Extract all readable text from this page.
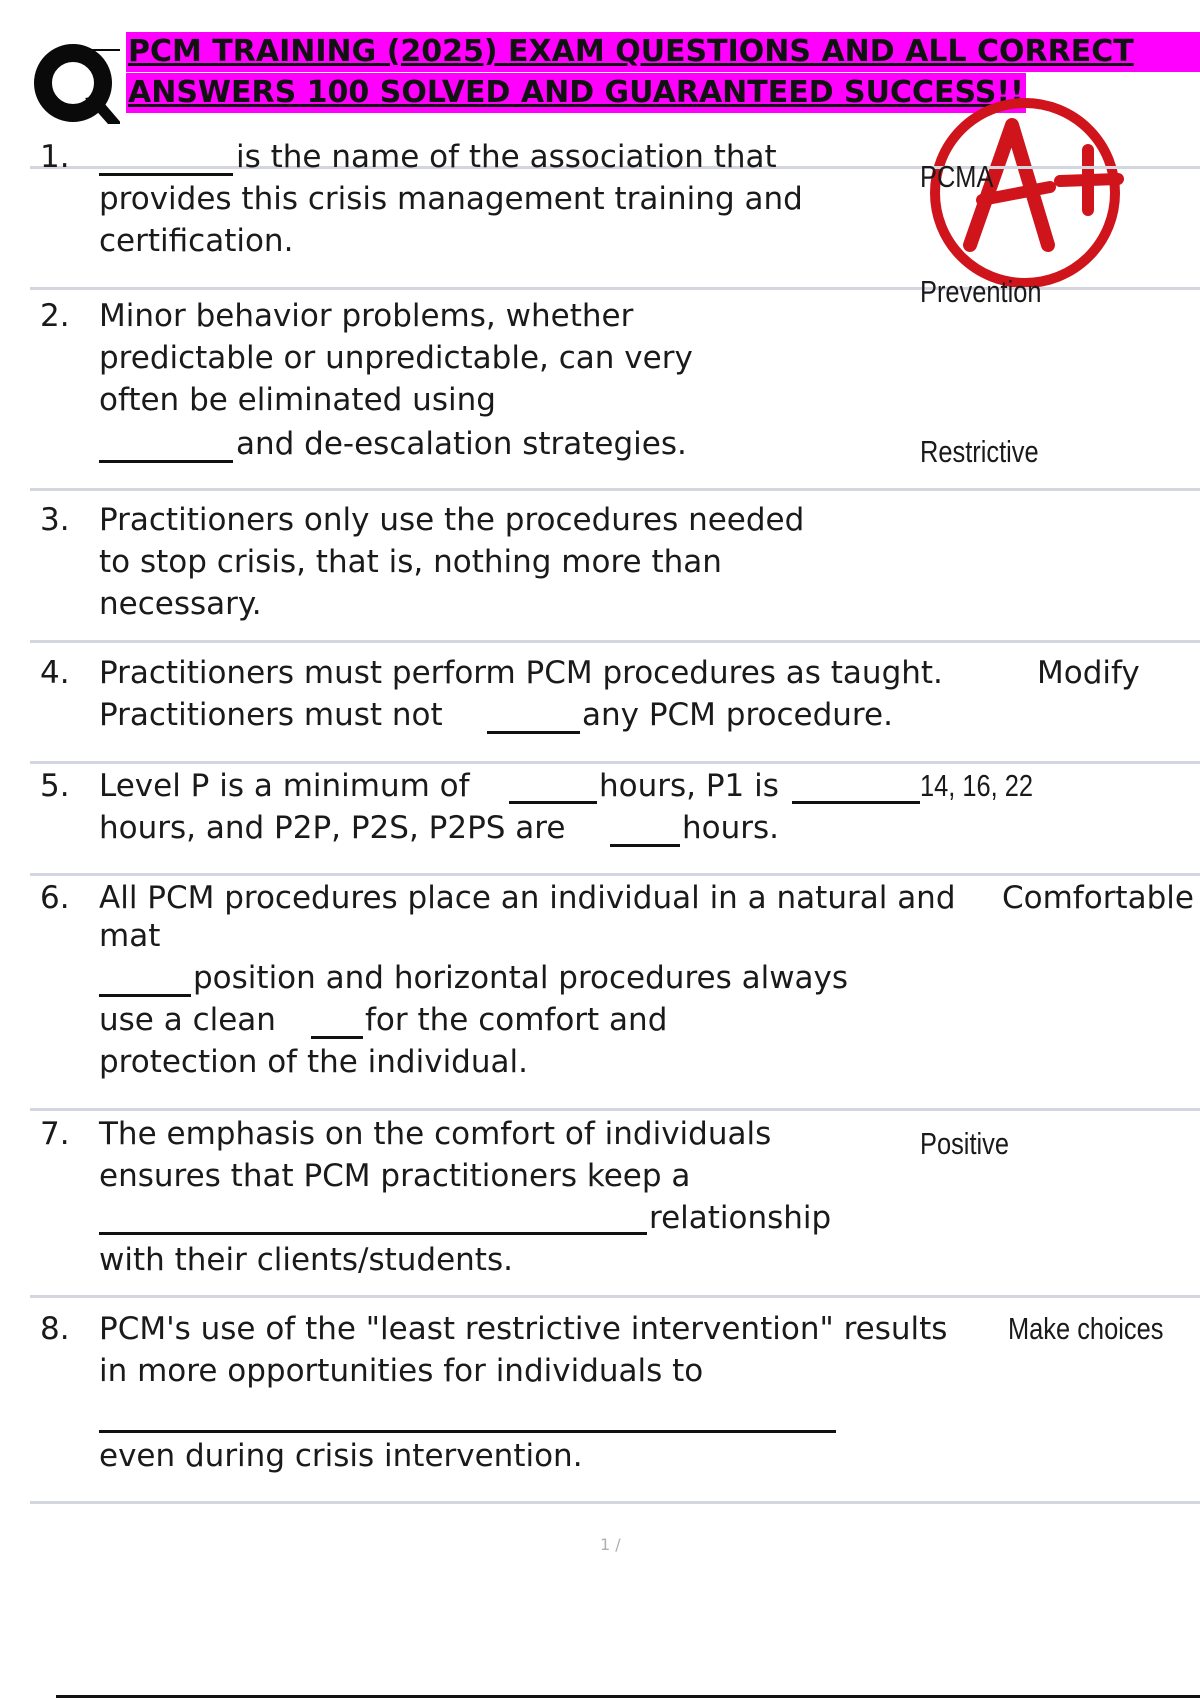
PCM TRAINING (2025) EXAM QUESTIONS AND ALL CORRECT
ANSWERS 100 SOLVED AND GUARANTEED SUCCESS!!
1.	is the name of the association that
provides this crisis management training and
certification.
PCMA
2. Minor behavior problems, whether
predictable or unpredictable, can very
often be eliminated using
and de-escalation strategies.
Prevention
3. Practitioners only use the procedures needed
to stop crisis, that is, nothing more than
necessary.
Restrictive
4. Practitioners must perform PCM procedures as taught.	Modify
Practitioners must not	any PCM procedure.
5. Level P is a minimum of	hours, P1 is	14, 16, 22
hours, and P2P, P2S, P2PS are	hours.
6. All PCM procedures place an individual in a natural and Comfortable
mat
position and horizontal procedures always
use a clean	for the comfort and
protection of the individual.
7. The emphasis on the comfort of individuals
ensures that PCM practitioners keep a
relationship
with their clients/students.
Positive
8. PCM's use of the "least restrictive intervention" results Make choices
in more opportunities for individuals to
even during crisis intervention.
1 /
